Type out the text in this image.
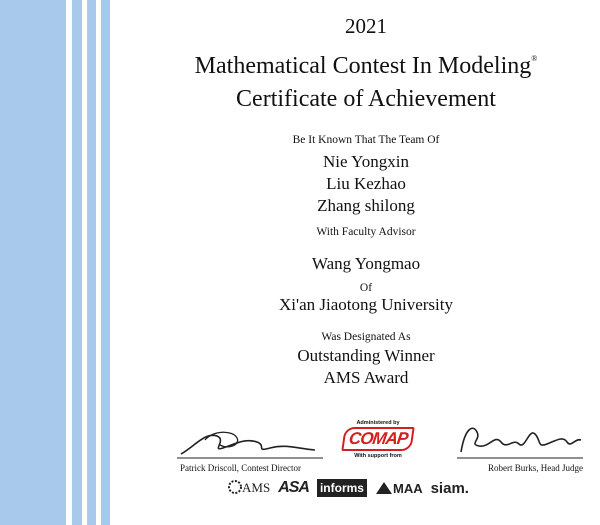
2021
Mathematical Contest In Modeling®
Certificate of Achievement
Be It Known That The Team Of
Nie Yongxin
Liu Kezhao
Zhang shilong
With Faculty Advisor
Wang Yongmao
Of
Xi'an Jiaotong University
Was Designated As
Outstanding Winner
AMS Award
Patrick Driscoll, Contest Director	Robert Burks, Head Judge
Administered by
COMAP
With support from
AMS ASA informs	MAA siam.
